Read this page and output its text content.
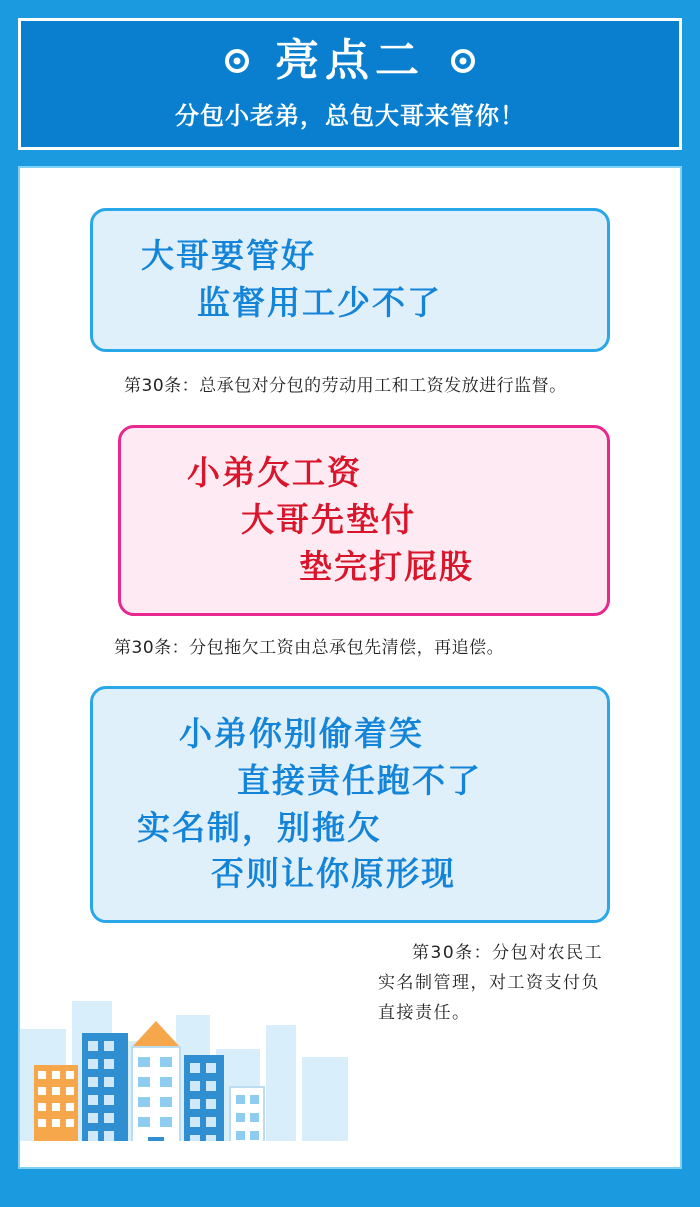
亮点二
分包小老弟，总包大哥来管你！
大哥要管好
监督用工少不了
第30条：总承包对分包的劳动用工和工资发放进行监督。
小弟欠工资
大哥先垫付
垫完打屁股
第30条：分包拖欠工资由总承包先清偿，再追偿。
小弟你别偷着笑
直接责任跑不了
实名制，别拖欠
否则让你原形现
第30条：分包对农民工实名制管理，对工资支付负直接责任。
